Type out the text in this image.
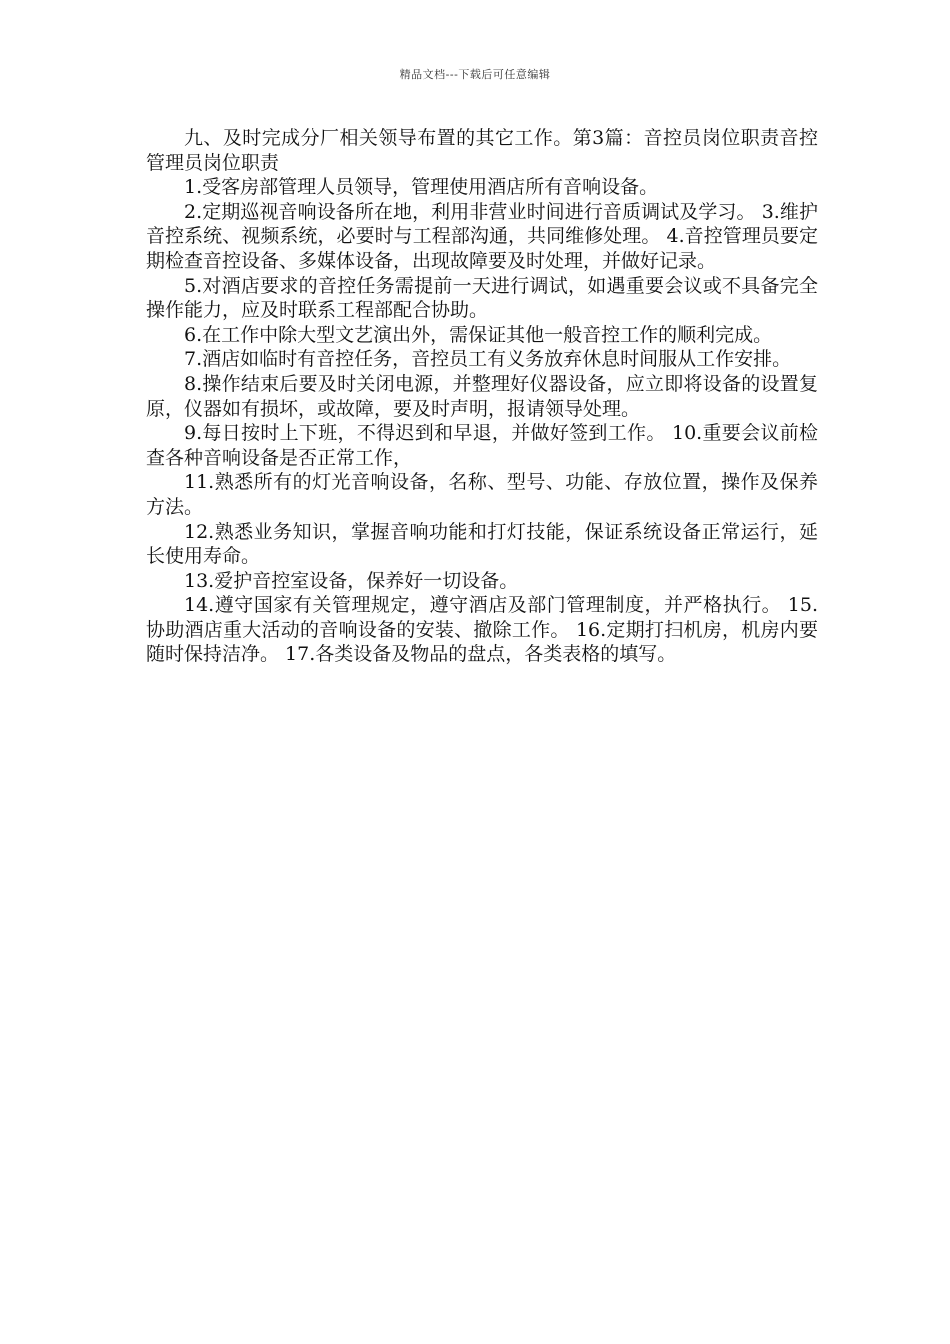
精品文档---下载后可任意编辑

九、及时完成分厂相关领导布置的其它工作。第3篇：音控员岗位职责音控管理员岗位职责

1.受客房部管理人员领导，管理使用酒店所有音响设备。

2.定期巡视音响设备所在地，利用非营业时间进行音质调试及学习。 3.维护音控系统、视频系统，必要时与工程部沟通，共同维修处理。 4.音控管理员要定期检查音控设备、多媒体设备，出现故障要及时处理，并做好记录。

5.对酒店要求的音控任务需提前一天进行调试，如遇重要会议或不具备完全操作能力，应及时联系工程部配合协助。

6.在工作中除大型文艺演出外，需保证其他一般音控工作的顺利完成。

7.酒店如临时有音控任务，音控员工有义务放弃休息时间服从工作安排。

8.操作结束后要及时关闭电源，并整理好仪器设备，应立即将设备的设置复原，仪器如有损坏，或故障，要及时声明，报请领导处理。

9.每日按时上下班，不得迟到和早退，并做好签到工作。 10.重要会议前检查各种音响设备是否正常工作，

11.熟悉所有的灯光音响设备，名称、型号、功能、存放位置，操作及保养方法。

12.熟悉业务知识，掌握音响功能和打灯技能，保证系统设备正常运行，延长使用寿命。

13.爱护音控室设备，保养好一切设备。

14.遵守国家有关管理规定，遵守酒店及部门管理制度，并严格执行。 15.协助酒店重大活动的音响设备的安装、撤除工作。 16.定期打扫机房，机房内要随时保持洁净。 17.各类设备及物品的盘点，各类表格的填写。
